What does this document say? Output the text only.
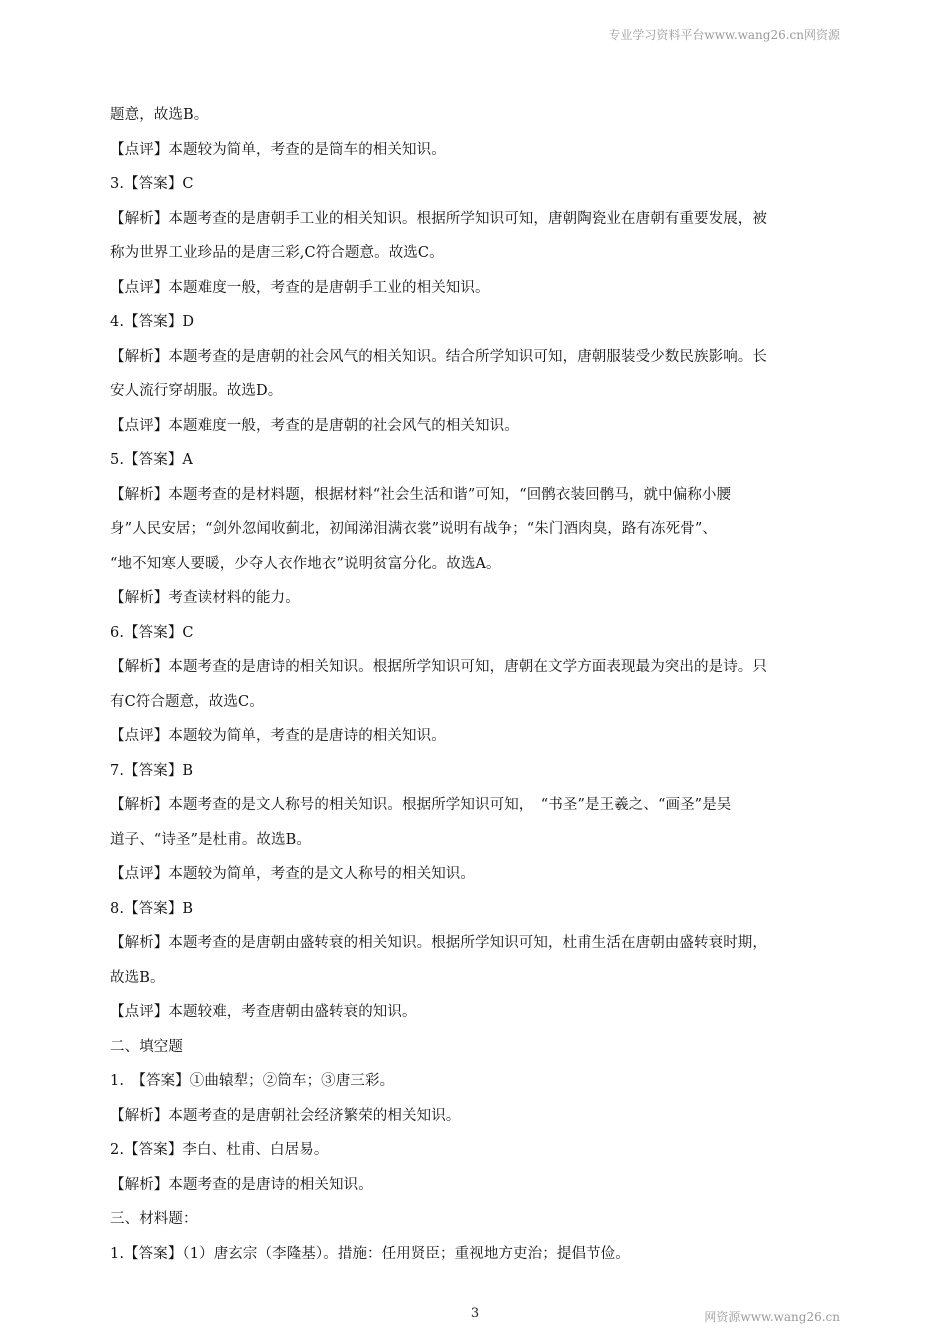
专业学习资料平台www.wang26.cn网资源
题意，故选B。
【点评】本题较为简单，考查的是筒车的相关知识。
3.【答案】C
【解析】本题考查的是唐朝手工业的相关知识。根据所学知识可知，唐朝陶瓷业在唐朝有重要发展，被
称为世界工业珍品的是唐三彩,C符合题意。故选C。
【点评】本题难度一般，考查的是唐朝手工业的相关知识。
4.【答案】D
【解析】本题考查的是唐朝的社会风气的相关知识。结合所学知识可知，唐朝服装受少数民族影响。长
安人流行穿胡服。故选D。
【点评】本题难度一般，考查的是唐朝的社会风气的相关知识。
5.【答案】A
【解析】本题考查的是材料题，根据材料“社会生活和谐”可知，“回鹘衣装回鹘马，就中偏称小腰
身”人民安居；“剑外忽闻收蓟北，初闻涕泪满衣裳”说明有战争；“朱门酒肉臭，路有冻死骨”、
“地不知寒人要暖，少夺人衣作地衣”说明贫富分化。故选A。
【解析】考查读材料的能力。
6.【答案】C
【解析】本题考查的是唐诗的相关知识。根据所学知识可知，唐朝在文学方面表现最为突出的是诗。只
有C符合题意，故选C。
【点评】本题较为简单，考查的是唐诗的相关知识。
7.【答案】B
【解析】本题考查的是文人称号的相关知识。根据所学知识可知，　“书圣”是王羲之、“画圣”是吴
道子、“诗圣”是杜甫。故选B。
【点评】本题较为简单，考查的是文人称号的相关知识。
8.【答案】B
【解析】本题考查的是唐朝由盛转衰的相关知识。根据所学知识可知，杜甫生活在唐朝由盛转衰时期，
故选B。
【点评】本题较难，考查唐朝由盛转衰的知识。
二、填空题
1.　【答案】①曲辕犁；②筒车；③唐三彩。
【解析】本题考查的是唐朝社会经济繁荣的相关知识。
2.【答案】李白、杜甫、白居易。
【解析】本题考查的是唐诗的相关知识。
三、材料题：
1.【答案】（1）唐玄宗（李隆基）。措施：任用贤臣；重视地方吏治；提倡节俭。
3	网资源www.wang26.cn
